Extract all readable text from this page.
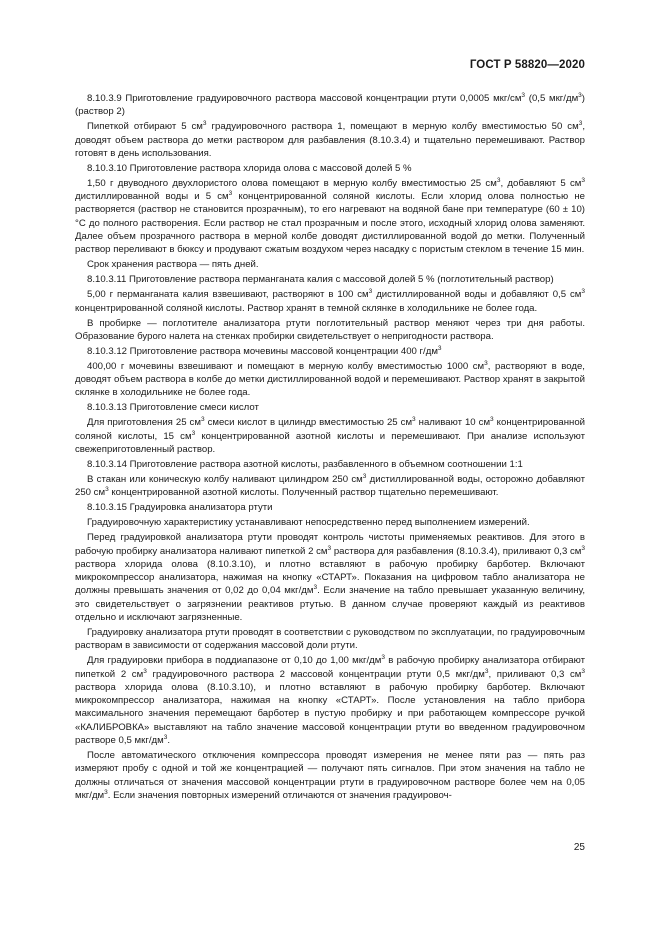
ГОСТ Р 58820—2020

8.10.3.9 Приготовление градуировочного раствора массовой концентрации ртути 0,0005 мкг/$см^3$ (0,5 мкг/$дм^3$) (раствор 2)

Пипеткой отбирают 5 $см^3$ градуировочного раствора 1, помещают в мерную колбу вместимостью 50 $см^3$, доводят объем раствора до метки раствором для разбавления (8.10.3.4) и тщательно перемешивают. Раствор готовят в день использования.

8.10.3.10 Приготовление раствора хлорида олова с массовой долей 5 %

1,50 г двуводного двухлористого олова помещают в мерную колбу вместимостью 25 $см^3$, добавляют 5 $см^3$ дистиллированной воды и 5 $см^3$ концентрированной соляной кислоты. Если хлорид олова полностью не растворяется (раствор не становится прозрачным), то его нагревают на водяной бане при температуре (60 ± 10) °С до полного растворения. Если раствор не стал прозрачным и после этого, исходный хлорид олова заменяют. Далее объем прозрачного раствора в мерной колбе доводят дистиллированной водой до метки. Полученный раствор переливают в бюксу и продувают сжатым воздухом через насадку с пористым стеклом в течение 15 мин.

Срок хранения раствора — пять дней.

8.10.3.11 Приготовление раствора перманганата калия с массовой долей 5 % (поглотительный раствор)

5,00 г перманганата калия взвешивают, растворяют в 100 $см^3$ дистиллированной воды и добавляют 0,5 $см^3$ концентрированной соляной кислоты. Раствор хранят в темной склянке в холодильнике не более года.

В пробирке — поглотителе анализатора ртути поглотительный раствор меняют через три дня работы. Образование бурого налета на стенках пробирки свидетельствует о непригодности раствора.

8.10.3.12 Приготовление раствора мочевины массовой концентрации 400 $г/дм^3$

400,00 г мочевины взвешивают и помещают в мерную колбу вместимостью 1000 $см^3$, растворяют в воде, доводят объем раствора в колбе до метки дистиллированной водой и перемешивают. Раствор хранят в закрытой склянке в холодильнике не более года.

8.10.3.13 Приготовление смеси кислот

Для приготовления 25 $см^3$ смеси кислот в цилиндр вместимостью 25 $см^3$ наливают 10 $см^3$ концентрированной соляной кислоты, 15 $см^3$ концентрированной азотной кислоты и перемешивают. При анализе используют свежеприготовленный раствор.

8.10.3.14 Приготовление раствора азотной кислоты, разбавленного в объемном соотношении 1:1

В стакан или коническую колбу наливают цилиндром 250 $см^3$ дистиллированной воды, осторожно добавляют 250 $см^3$ концентрированной азотной кислоты. Полученный раствор тщательно перемешивают.

8.10.3.15 Градуировка анализатора ртути

Градуировочную характеристику устанавливают непосредственно перед выполнением измерений.

Перед градуировкой анализатора ртути проводят контроль чистоты применяемых реактивов. Для этого в рабочую пробирку анализатора наливают пипеткой 2 $см^3$ раствора для разбавления (8.10.3.4), приливают 0,3 $см^3$ раствора хлорида олова (8.10.3.10), и плотно вставляют в рабочую пробирку барботер. Включают микрокомпрессор анализатора, нажимая на кнопку «СТАРТ». Показания на цифровом табло анализатора не должны превышать значения от 0,02 до 0,04 мкг/$дм^3$. Если значение на табло превышает указанную величину, это свидетельствует о загрязнении реактивов ртутью. В данном случае проверяют каждый из реактивов отдельно и исключают загрязненные.

Градуировку анализатора ртути проводят в соответствии с руководством по эксплуатации, по градуировочным растворам в зависимости от содержания массовой доли ртути.

Для градуировки прибора в поддиапазоне от 0,10 до 1,00 мкг/$дм^3$ в рабочую пробирку анализатора отбирают пипеткой 2 $см^3$ градуировочного раствора 2 массовой концентрации ртути 0,5 мкг/$дм^3$, приливают 0,3 $см^3$ раствора хлорида олова (8.10.3.10), и плотно вставляют в рабочую пробирку барботер. Включают микрокомпрессор анализатора, нажимая на кнопку «СТАРТ». После установления на табло прибора максимального значения перемещают барботер в пустую пробирку и при работающем компрессоре ручкой «КАЛИБРОВКА» выставляют на табло значение массовой концентрации ртути во введенном градуировочном растворе 0,5 мкг/$дм^3$.

После автоматического отключения компрессора проводят измерения не менее пяти раз — пять раз измеряют пробу с одной и той же концентрацией — получают пять сигналов. При этом значения на табло не должны отличаться от значения массовой концентрации ртути в градуировочном растворе более чем на 0,05 мкг/$дм^3$. Если значения повторных измерений отличаются от значения градуировоч-

25
